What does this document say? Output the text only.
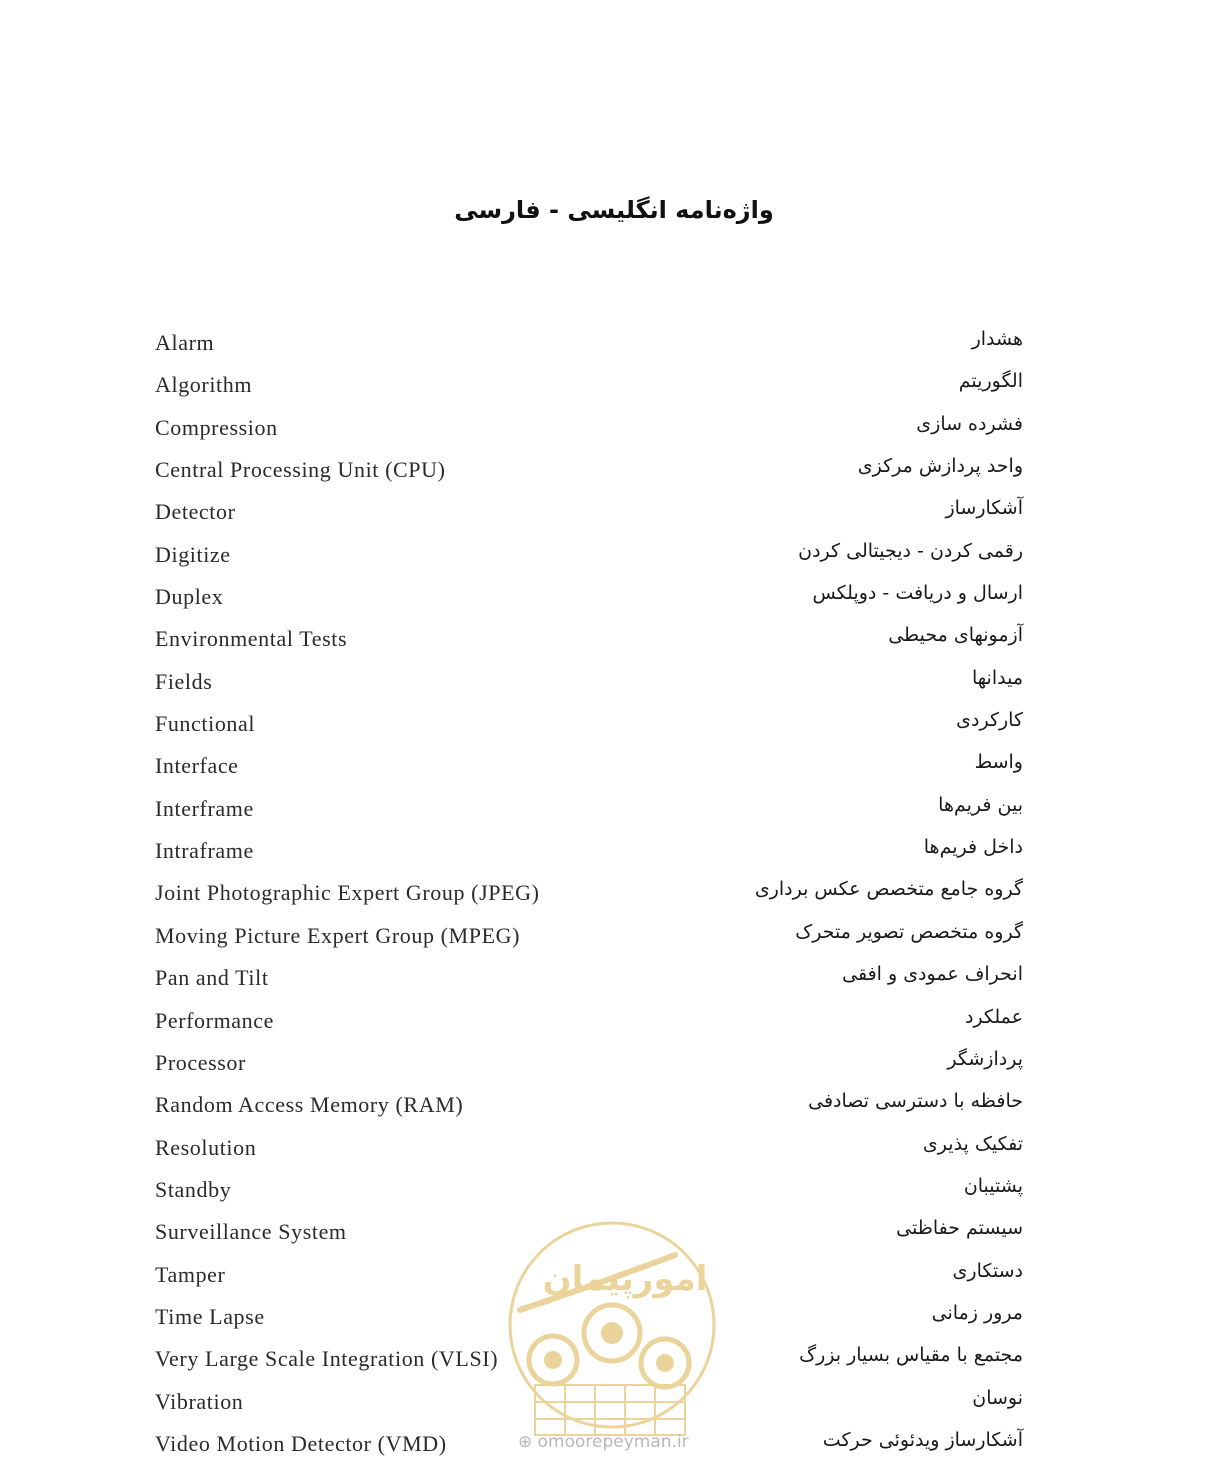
واژه‌نامه انگلیسی - فارسی
Alarm	هشدار
Algorithm	الگوریتم
Compression	فشرده سازی
Central Processing Unit (CPU)	واحد پردازش مرکزی
Detector	آشکارساز
Digitize	رقمی کردن - دیجیتالی کردن
Duplex	ارسال و دریافت - دوپلکس
Environmental Tests	آزمونهای محیطی
Fields	میدانها
Functional	کارکردی
Interface	واسط
Interframe	بین فریم‌ها
Intraframe	داخل فریم‌ها
Joint Photographic Expert Group (JPEG)	گروه جامع متخصص عکس برداری
Moving Picture Expert Group (MPEG)	گروه متخصص تصویر متحرک
Pan and Tilt	انحراف عمودی و افقی
Performance	عملکرد
Processor	پردازشگر
Random Access Memory (RAM)	حافظه با دسترسی تصادفی
Resolution	تفکیک پذیری
Standby	پشتیبان
Surveillance System	سیستم حفاظتی
Tamper	دستکاری
Time Lapse	مرور زمانی
Very Large Scale Integration (VLSI)	مجتمع با مقیاس بسیار بزرگ
Vibration	نوسان
Video Motion Detector (VMD)	آشکارساز ویدئوئی حرکت
امورپیمان
⊕ omoorepeyman.ir
